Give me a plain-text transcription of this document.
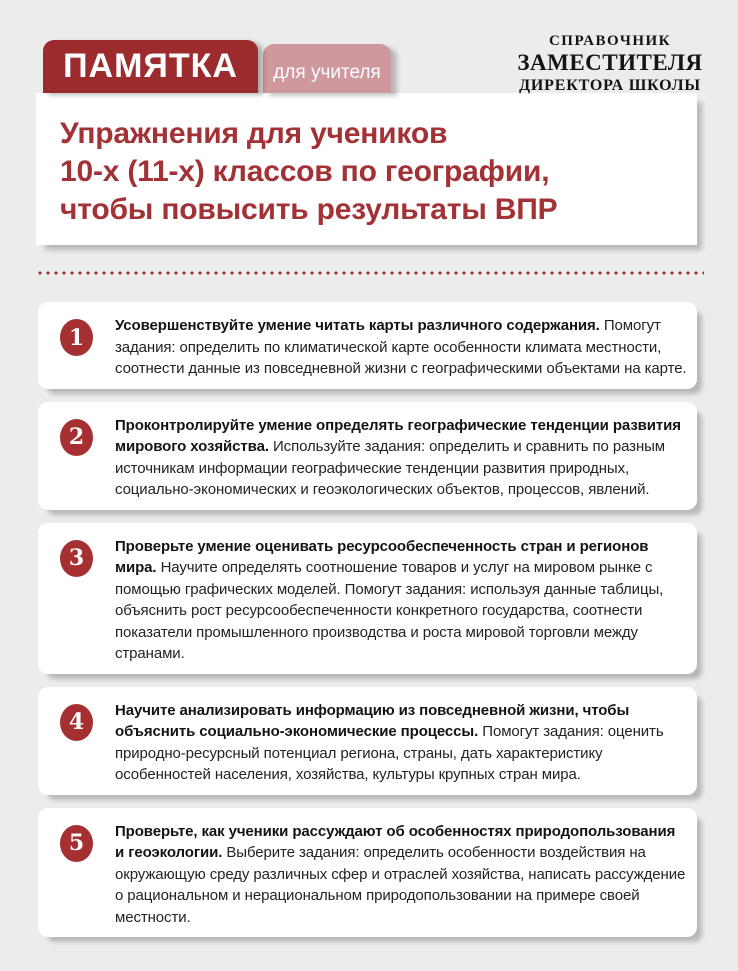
ПАМЯТКА для учителя
СПРАВОЧНИК
ЗАМЕСТИТЕЛЯ
ДИРЕКТОРА ШКОЛЫ
Упражнения для учеников
10-х (11-х) классов по географии,
чтобы повысить результаты ВПР
1	Усовершенствуйте умение читать карты различного содержания. Помогут задания: определить по климатической карте особенности климата местности, соотнести данные из повседневной жизни с географическими объектами на карте.
2	Проконтролируйте умение определять географические тенденции развития мирового хозяйства. Используйте задания: определить и сравнить по разным источникам информации географические тенденции развития природных, социально-экономических и геоэкологических объектов, процессов, явлений.
3	Проверьте умение оценивать ресурсообеспеченность стран и регионов мира. Научите определять соотношение товаров и услуг на мировом рынке с помощью графических моделей. Помогут задания: используя данные таблицы, объяснить рост ресурсообеспеченности конкретного государства, соотнести показатели промышленного производства и роста мировой торговли между странами.
4	Научите анализировать информацию из повседневной жизни, чтобы объяснить социально-экономические процессы. Помогут задания: оценить природно-ресурсный потенциал региона, страны, дать характеристику особенностей населения, хозяйства, культуры крупных стран мира.
5	Проверьте, как ученики рассуждают об особенностях природопользования и геоэкологии. Выберите задания: определить особенности воздействия на окружающую среду различных сфер и отраслей хозяйства, написать рассуждение о рациональном и нерациональном природопользовании на примере своей местности.
